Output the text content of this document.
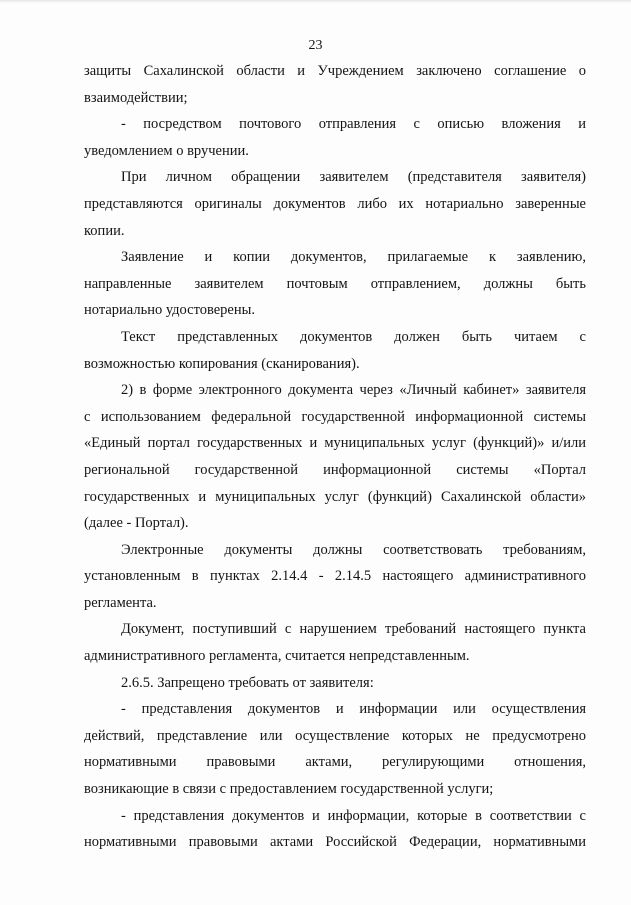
23
защиты Сахалинской области и Учреждением заключено соглашение о
взаимодействии;
- посредством почтового отправления с описью вложения и
уведомлением о вручении.
При личном обращении заявителем (представителя заявителя)
представляются оригиналы документов либо их нотариально заверенные
копии.
Заявление и копии документов, прилагаемые к заявлению,
направленные заявителем почтовым отправлением, должны быть
нотариально удостоверены.
Текст представленных документов должен быть читаем с
возможностью копирования (сканирования).
2) в форме электронного документа через «Личный кабинет» заявителя
с использованием федеральной государственной информационной системы
«Единый портал государственных и муниципальных услуг (функций)» и/или
региональной государственной информационной системы «Портал
государственных и муниципальных услуг (функций) Сахалинской области»
(далее - Портал).
Электронные документы должны соответствовать требованиям,
установленным в пунктах 2.14.4 - 2.14.5 настоящего административного
регламента.
Документ, поступивший с нарушением требований настоящего пункта
административного регламента, считается непредставленным.
2.6.5. Запрещено требовать от заявителя:
- представления документов и информации или осуществления
действий, представление или осуществление которых не предусмотрено
нормативными правовыми актами, регулирующими отношения,
возникающие в связи с предоставлением государственной услуги;
- представления документов и информации, которые в соответствии с
нормативными правовыми актами Российской Федерации, нормативными
